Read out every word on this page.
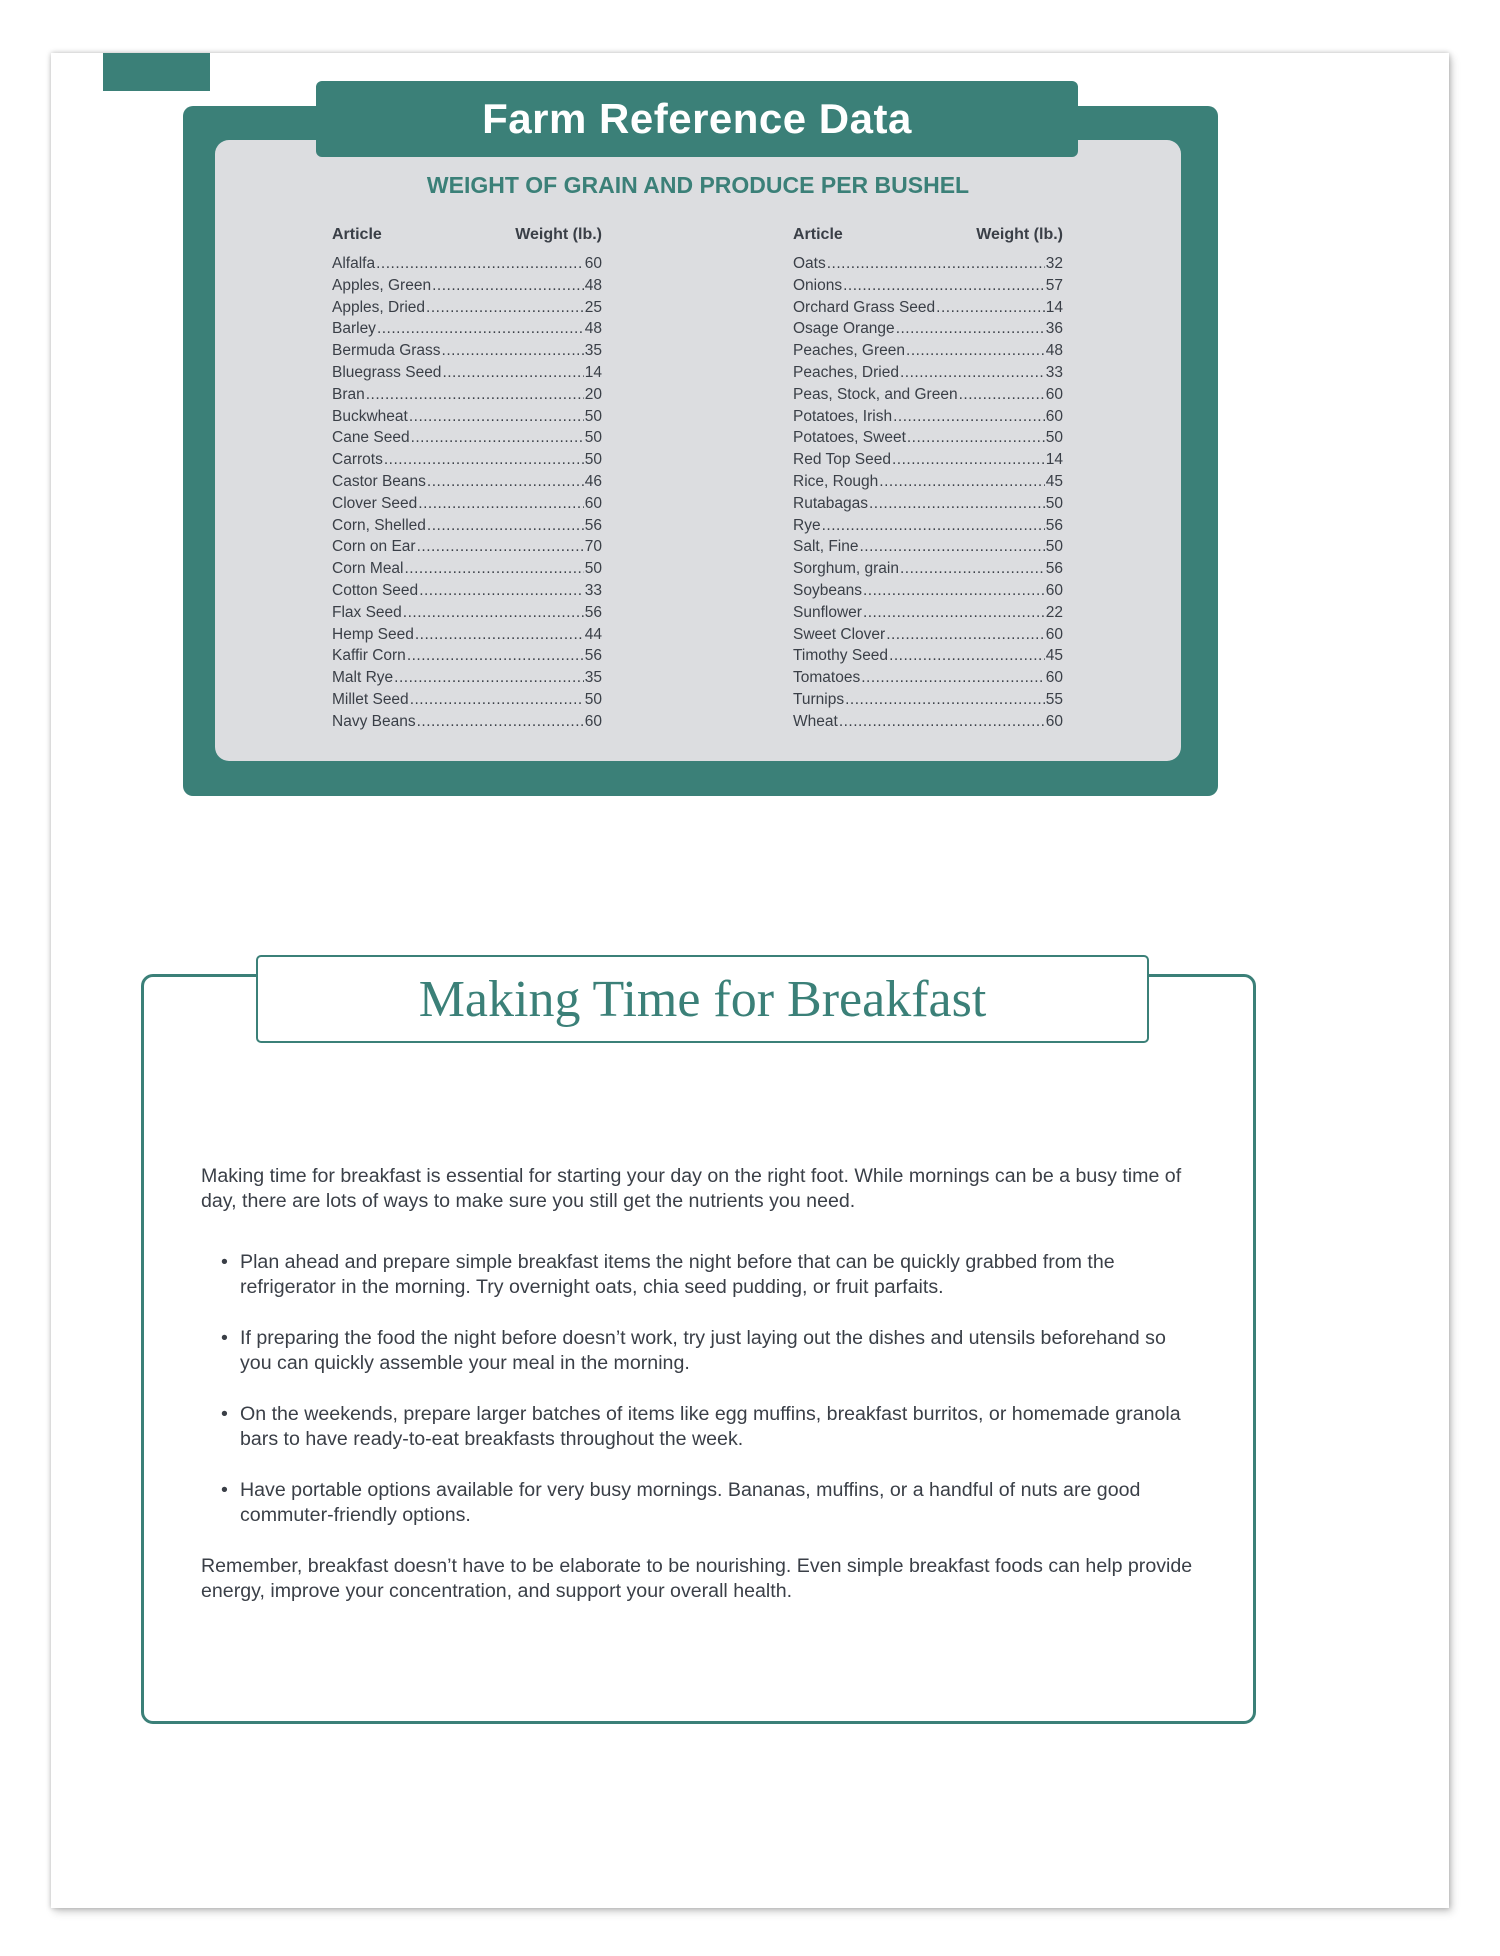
Farm Reference Data
WEIGHT OF GRAIN AND PRODUCE PER BUSHEL
Article	Weight (lb.)
Alfalfa .....	60
Apples, Green .....	48
Apples, Dried .....	25
Barley .....	48
Bermuda Grass .....	35
Bluegrass Seed .....	14
Bran .....	20
Buckwheat .....	50
Cane Seed .....	50
Carrots .....	50
Castor Beans .....	46
Clover Seed .....	60
Corn, Shelled .....	56
Corn on Ear .....	70
Corn Meal .....	50
Cotton Seed .....	33
Flax Seed .....	56
Hemp Seed .....	44
Kaffir Corn .....	56
Malt Rye .....	35
Millet Seed .....	50
Navy Beans .....	60
Article	Weight (lb.)
Oats .....	32
Onions .....	57
Orchard Grass Seed .....	14
Osage Orange .....	36
Peaches, Green .....	48
Peaches, Dried .....	33
Peas, Stock, and Green .....	60
Potatoes, Irish .....	60
Potatoes, Sweet .....	50
Red Top Seed .....	14
Rice, Rough .....	45
Rutabagas .....	50
Rye .....	56
Salt, Fine .....	50
Sorghum, grain .....	56
Soybeans .....	60
Sunflower .....	22
Sweet Clover .....	60
Timothy Seed .....	45
Tomatoes .....	60
Turnips .....	55
Wheat .....	60
Making Time for Breakfast

Making time for breakfast is essential for starting your day on the right foot. While mornings can be a busy time of day, there are lots of ways to make sure you still get the nutrients you need.

• Plan ahead and prepare simple breakfast items the night before that can be quickly grabbed from the refrigerator in the morning. Try overnight oats, chia seed pudding, or fruit parfaits.
• If preparing the food the night before doesn’t work, try just laying out the dishes and utensils beforehand so you can quickly assemble your meal in the morning.
• On the weekends, prepare larger batches of items like egg muffins, breakfast burritos, or homemade granola bars to have ready-to-eat breakfasts throughout the week.
• Have portable options available for very busy mornings. Bananas, muffins, or a handful of nuts are good commuter-friendly options.

Remember, breakfast doesn’t have to be elaborate to be nourishing. Even simple breakfast foods can help provide energy, improve your concentration, and support your overall health.
